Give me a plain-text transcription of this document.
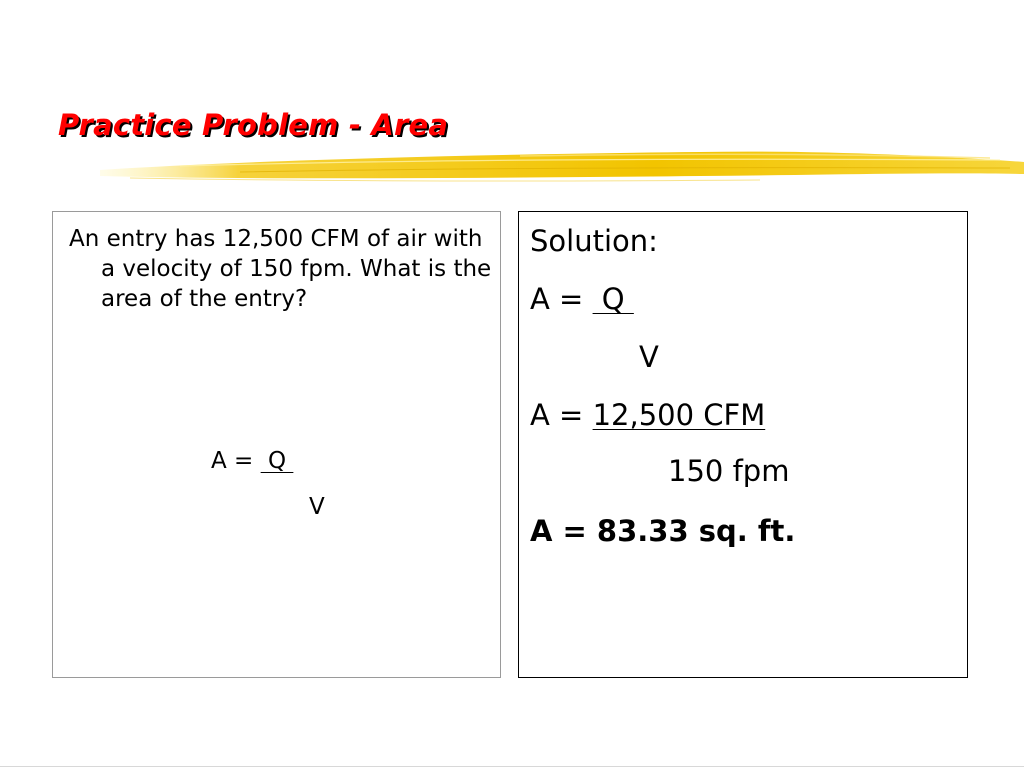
Practice Problem - Area

An entry has 12,500 CFM of air with a velocity of 150 fpm. What is the area of the entry?

A =  Q
V
Solution:
A =  Q
V
A = 12,500 CFM
150 fpm
A = 83.33 sq. ft.
